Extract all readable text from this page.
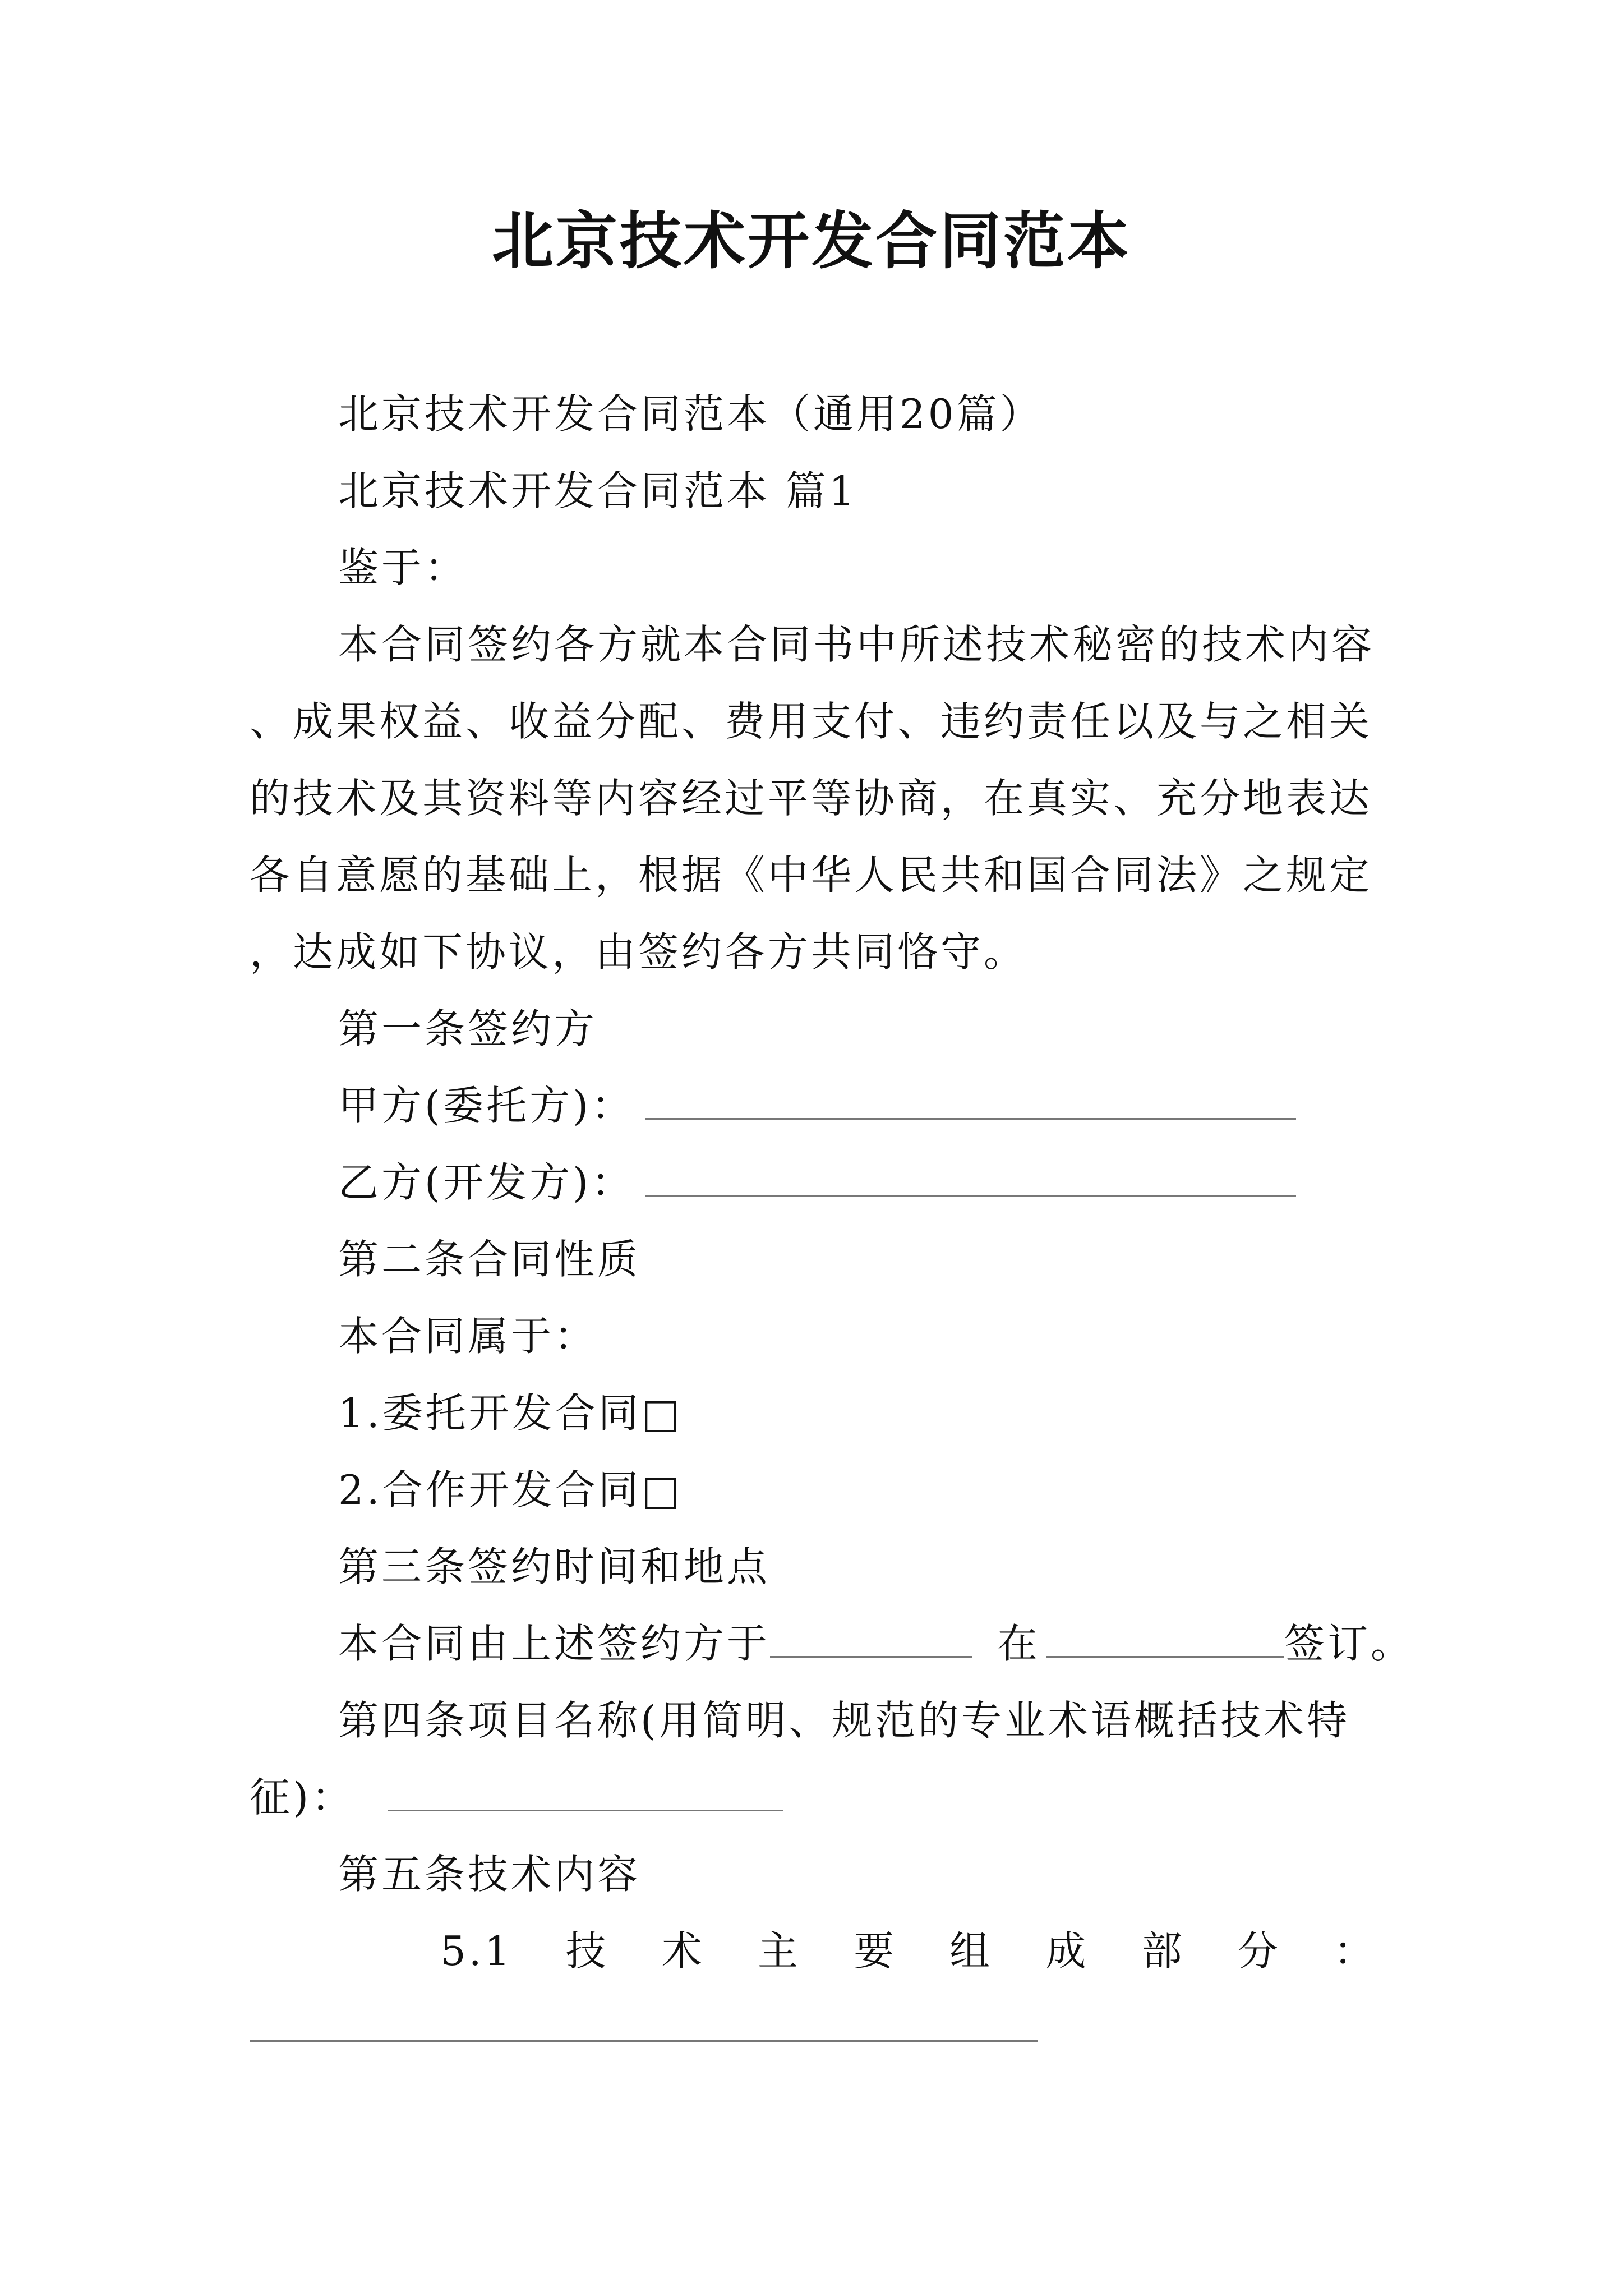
北京技术开发合同范本

北京技术开发合同范本（通用20篇）

北京技术开发合同范本 篇1

鉴于：

本合同签约各方就本合同书中所述技术秘密的技术内容、成果权益、收益分配、费用支付、违约责任以及与之相关的技术及其资料等内容经过平等协商，在真实、充分地表达各自意愿的基础上，根据《中华人民共和国合同法》之规定，达成如下协议，由签约各方共同恪守。

第一条签约方

甲方(委托方)：

乙方(开发方)：

第二条合同性质

本合同属于：

1.委托开发合同□

2.合作开发合同□

第三条签约时间和地点

本合同由上述签约方于	在	签订。

第四条项目名称(用简明、规范的专业术语概括技术特征)：

第五条技术内容

5.1 技 术 主 要 组 成 部 分 ：
